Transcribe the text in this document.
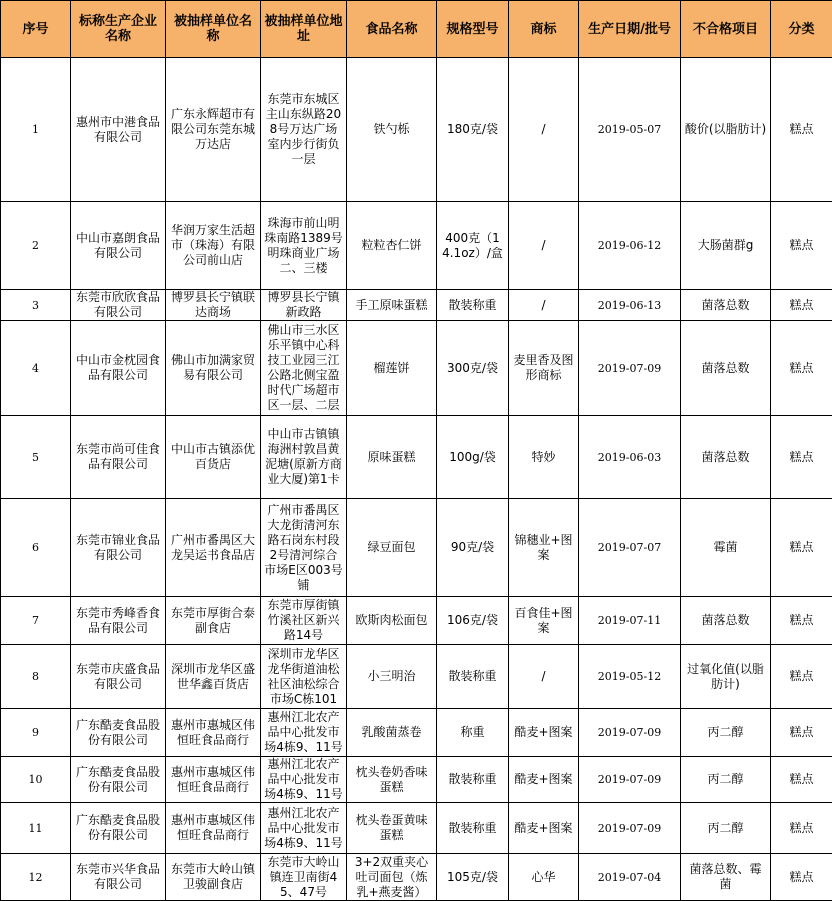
序号	标称生产企业名称	被抽样单位名称	被抽样单位地址	食品名称	规格型号	商标	生产日期/批号	不合格项目	分类
1	惠州市中港食品有限公司	广东永辉超市有限公司东莞东城万达店	东莞市东城区主山东纵路208号万达广场室内步行街负一层	铁勺栎	180克/袋	/	2019-05-07	酸价(以脂肪计)	糕点
2	中山市嘉朗食品有限公司	华润万家生活超市（珠海）有限公司前山店	珠海市前山明珠南路1389号明珠商业广场二、三楼	粒粒杏仁饼	400克（14.1oz）/盒	/	2019-06-12	大肠菌群g	糕点
3	东莞市欣欣食品有限公司	博罗县长宁镇联达商场	博罗县长宁镇新政路	手工原味蛋糕	散装称重	/	2019-06-13	菌落总数	糕点
4	中山市金枕园食品有限公司	佛山市加满家贸易有限公司	佛山市三水区乐平镇中心科技工业园三江公路北侧宝盈时代广场超市区一层、二层	榴莲饼	300克/袋	麦里香及图形商标	2019-07-09	菌落总数	糕点
5	东莞市尚可佳食品有限公司	中山市古镇添优百货店	中山市古镇镇海洲村敦昌黄泥塘(原新方商业大厦)第1卡	原味蛋糕	100g/袋	特妙	2019-06-03	菌落总数	糕点
6	东莞市锦业食品有限公司	广州市番禺区大龙吴运书食品店	广州市番禺区大龙街清河东路石岗东村段2号清河综合市场E区003号铺	绿豆面包	90克/袋	锦穗业+图案	2019-07-07	霉菌	糕点
7	东莞市秀峰香食品有限公司	东莞市厚街合泰副食店	东莞市厚街镇竹溪社区新兴路14号	欧斯肉松面包	106克/袋	百食佳+图案	2019-07-11	菌落总数	糕点
8	东莞市庆盛食品有限公司	深圳市龙华区盛世华鑫百货店	深圳市龙华区龙华街道油松社区油松综合市场C栋101	小三明治	散装称重	/	2019-05-12	过氧化值(以脂肪计)	糕点
9	广东酷麦食品股份有限公司	惠州市惠城区伟恒旺食品商行	惠州江北农产品中心批发市场4栋9、11号	乳酸菌蒸卷	称重	酷麦+图案	2019-07-09	丙二醇	糕点
10	广东酷麦食品股份有限公司	惠州市惠城区伟恒旺食品商行	惠州江北农产品中心批发市场4栋9、11号	枕头卷奶香味蛋糕	散装称重	酷麦+图案	2019-07-09	丙二醇	糕点
11	广东酷麦食品股份有限公司	惠州市惠城区伟恒旺食品商行	惠州江北农产品中心批发市场4栋9、11号	枕头卷蛋黄味蛋糕	散装称重	酷麦+图案	2019-07-09	丙二醇	糕点
12	东莞市兴华食品有限公司	东莞市大岭山镇卫骏副食店	东莞市大岭山镇连卫南街45、47号	3+2双重夹心吐司面包（炼乳+燕麦酱）	105克/袋	心华	2019-07-04	菌落总数、霉菌	糕点
